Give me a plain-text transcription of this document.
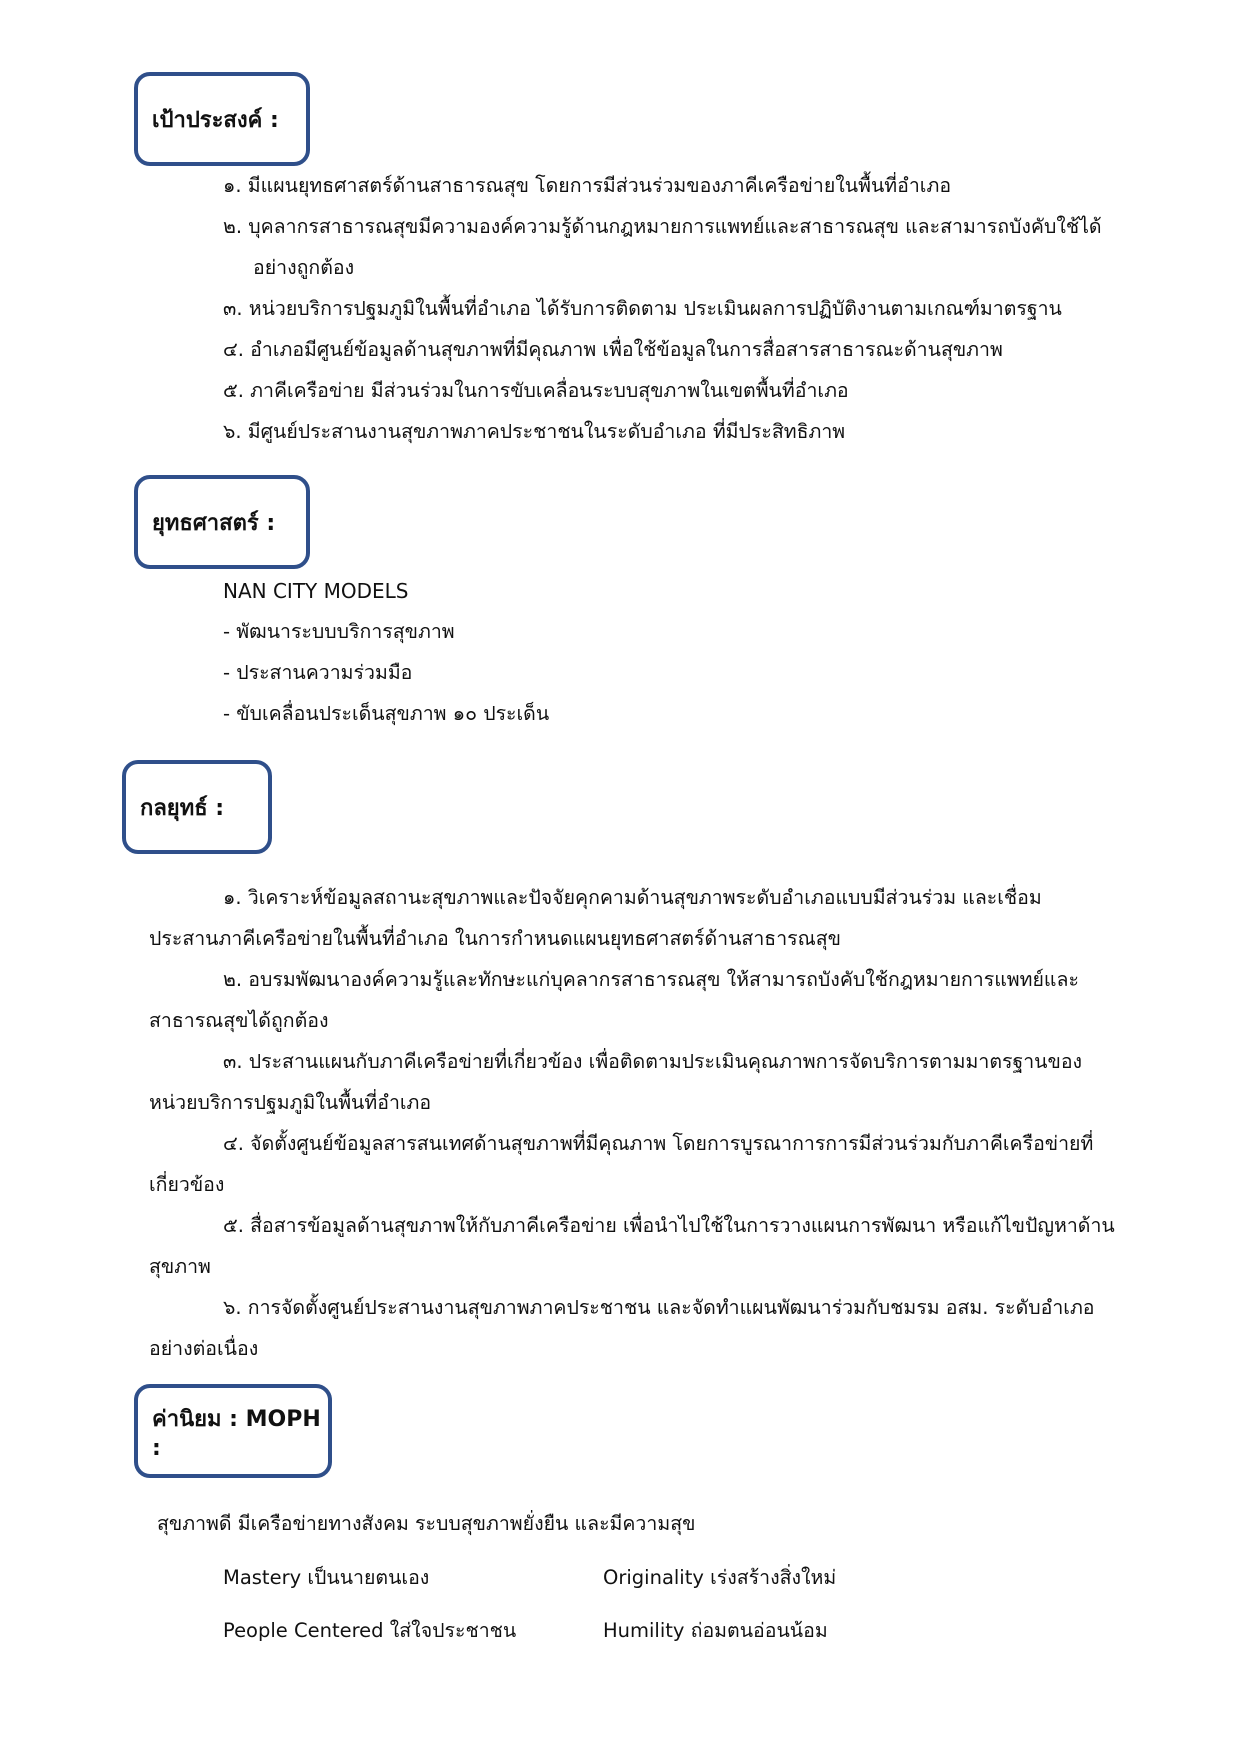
เป้าประสงค์ :
๑. มีแผนยุทธศาสตร์ด้านสาธารณสุข โดยการมีส่วนร่วมของภาคีเครือข่ายในพื้นที่อำเภอ
๒. บุคลากรสาธารณสุขมีความองค์ความรู้ด้านกฎหมายการแพทย์และสาธารณสุข และสามารถบังคับใช้ได้
อย่างถูกต้อง
๓. หน่วยบริการปฐมภูมิในพื้นที่อำเภอ ได้รับการติดตาม ประเมินผลการปฏิบัติงานตามเกณฑ์มาตรฐาน
๔. อำเภอมีศูนย์ข้อมูลด้านสุขภาพที่มีคุณภาพ เพื่อใช้ข้อมูลในการสื่อสารสาธารณะด้านสุขภาพ
๕. ภาคีเครือข่าย มีส่วนร่วมในการขับเคลื่อนระบบสุขภาพในเขตพื้นที่อำเภอ
๖. มีศูนย์ประสานงานสุขภาพภาคประชาชนในระดับอำเภอ ที่มีประสิทธิภาพ
ยุทธศาสตร์ :
NAN CITY MODELS
- พัฒนาระบบบริการสุขภาพ
- ประสานความร่วมมือ
- ขับเคลื่อนประเด็นสุขภาพ ๑๐ ประเด็น
กลยุทธ์ :
๑. วิเคราะห์ข้อมูลสถานะสุขภาพและปัจจัยคุกคามด้านสุขภาพระดับอำเภอแบบมีส่วนร่วม และเชื่อม
ประสานภาคีเครือข่ายในพื้นที่อำเภอ ในการกำหนดแผนยุทธศาสตร์ด้านสาธารณสุข
๒. อบรมพัฒนาองค์ความรู้และทักษะแก่บุคลากรสาธารณสุข ให้สามารถบังคับใช้กฎหมายการแพทย์และ
สาธารณสุขได้ถูกต้อง
๓. ประสานแผนกับภาคีเครือข่ายที่เกี่ยวข้อง เพื่อติดตามประเมินคุณภาพการจัดบริการตามมาตรฐานของ
หน่วยบริการปฐมภูมิในพื้นที่อำเภอ
๔. จัดตั้งศูนย์ข้อมูลสารสนเทศด้านสุขภาพที่มีคุณภาพ โดยการบูรณาการการมีส่วนร่วมกับภาคีเครือข่ายที่
เกี่ยวข้อง
๕. สื่อสารข้อมูลด้านสุขภาพให้กับภาคีเครือข่าย เพื่อนำไปใช้ในการวางแผนการพัฒนา หรือแก้ไขปัญหาด้าน
สุขภาพ
๖. การจัดตั้งศูนย์ประสานงานสุขภาพภาคประชาชน และจัดทำแผนพัฒนาร่วมกับชมรม อสม. ระดับอำเภอ
อย่างต่อเนื่อง
ค่านิยม : MOPH :
สุขภาพดี มีเครือข่ายทางสังคม ระบบสุขภาพยั่งยืน และมีความสุข
Mastery เป็นนายตนเอง	Originality เร่งสร้างสิ่งใหม่
People Centered ใส่ใจประชาชน	Humility ถ่อมตนอ่อนน้อม
